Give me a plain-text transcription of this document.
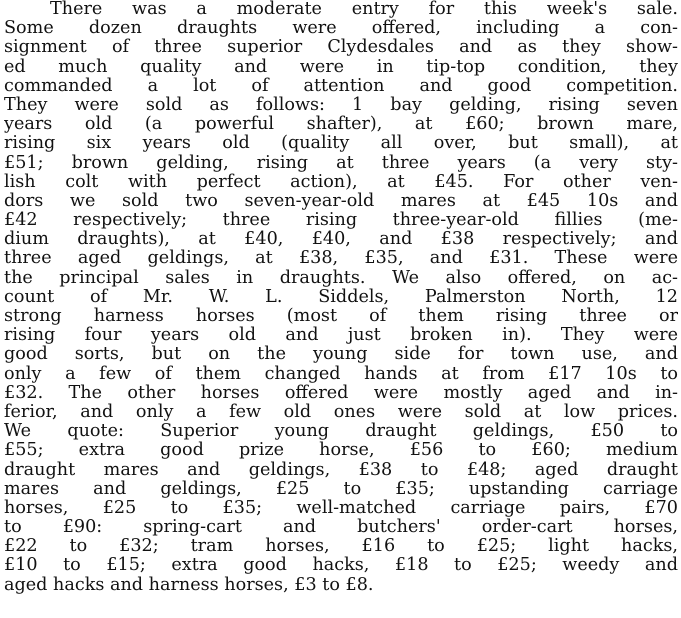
There was a moderate entry for this week's sale.
Some dozen draughts were offered, including a con-
signment of three superior Clydesdales and as they show-
ed much quality and were in tip-top condition, they
commanded a lot of attention and good competition.
They were sold as follows: 1 bay gelding, rising seven
years old (a powerful shafter), at £60; brown mare,
rising six years old (quality all over, but small), at
£51; brown gelding, rising at three years (a very sty-
lish colt with perfect action), at £45. For other ven-
dors we sold two seven-year-old mares at £45 10s and
£42 respectively; three rising three-year-old fillies (me-
dium draughts), at £40, £40, and £38 respectively; and
three aged geldings, at £38, £35, and £31. These were
the principal sales in draughts. We also offered, on ac-
count of Mr. W. L. Siddels, Palmerston North, 12
strong harness horses (most of them rising three or
rising four years old and just broken in). They were
good sorts, but on the young side for town use, and
only a few of them changed hands at from £17 10s to
£32. The other horses offered were mostly aged and in-
ferior, and only a few old ones were sold at low prices.
We quote: Superior young draught geldings, £50 to
£55; extra good prize horse, £56 to £60; medium
draught mares and geldings, £38 to £48; aged draught
mares and geldings, £25 to £35; upstanding carriage
horses, £25 to £35; well-matched carriage pairs, £70
to £90: spring-cart and butchers' order-cart horses,
£22 to £32; tram horses, £16 to £25; light hacks,
£10 to £15; extra good hacks, £18 to £25; weedy and
aged hacks and harness horses, £3 to £8.
